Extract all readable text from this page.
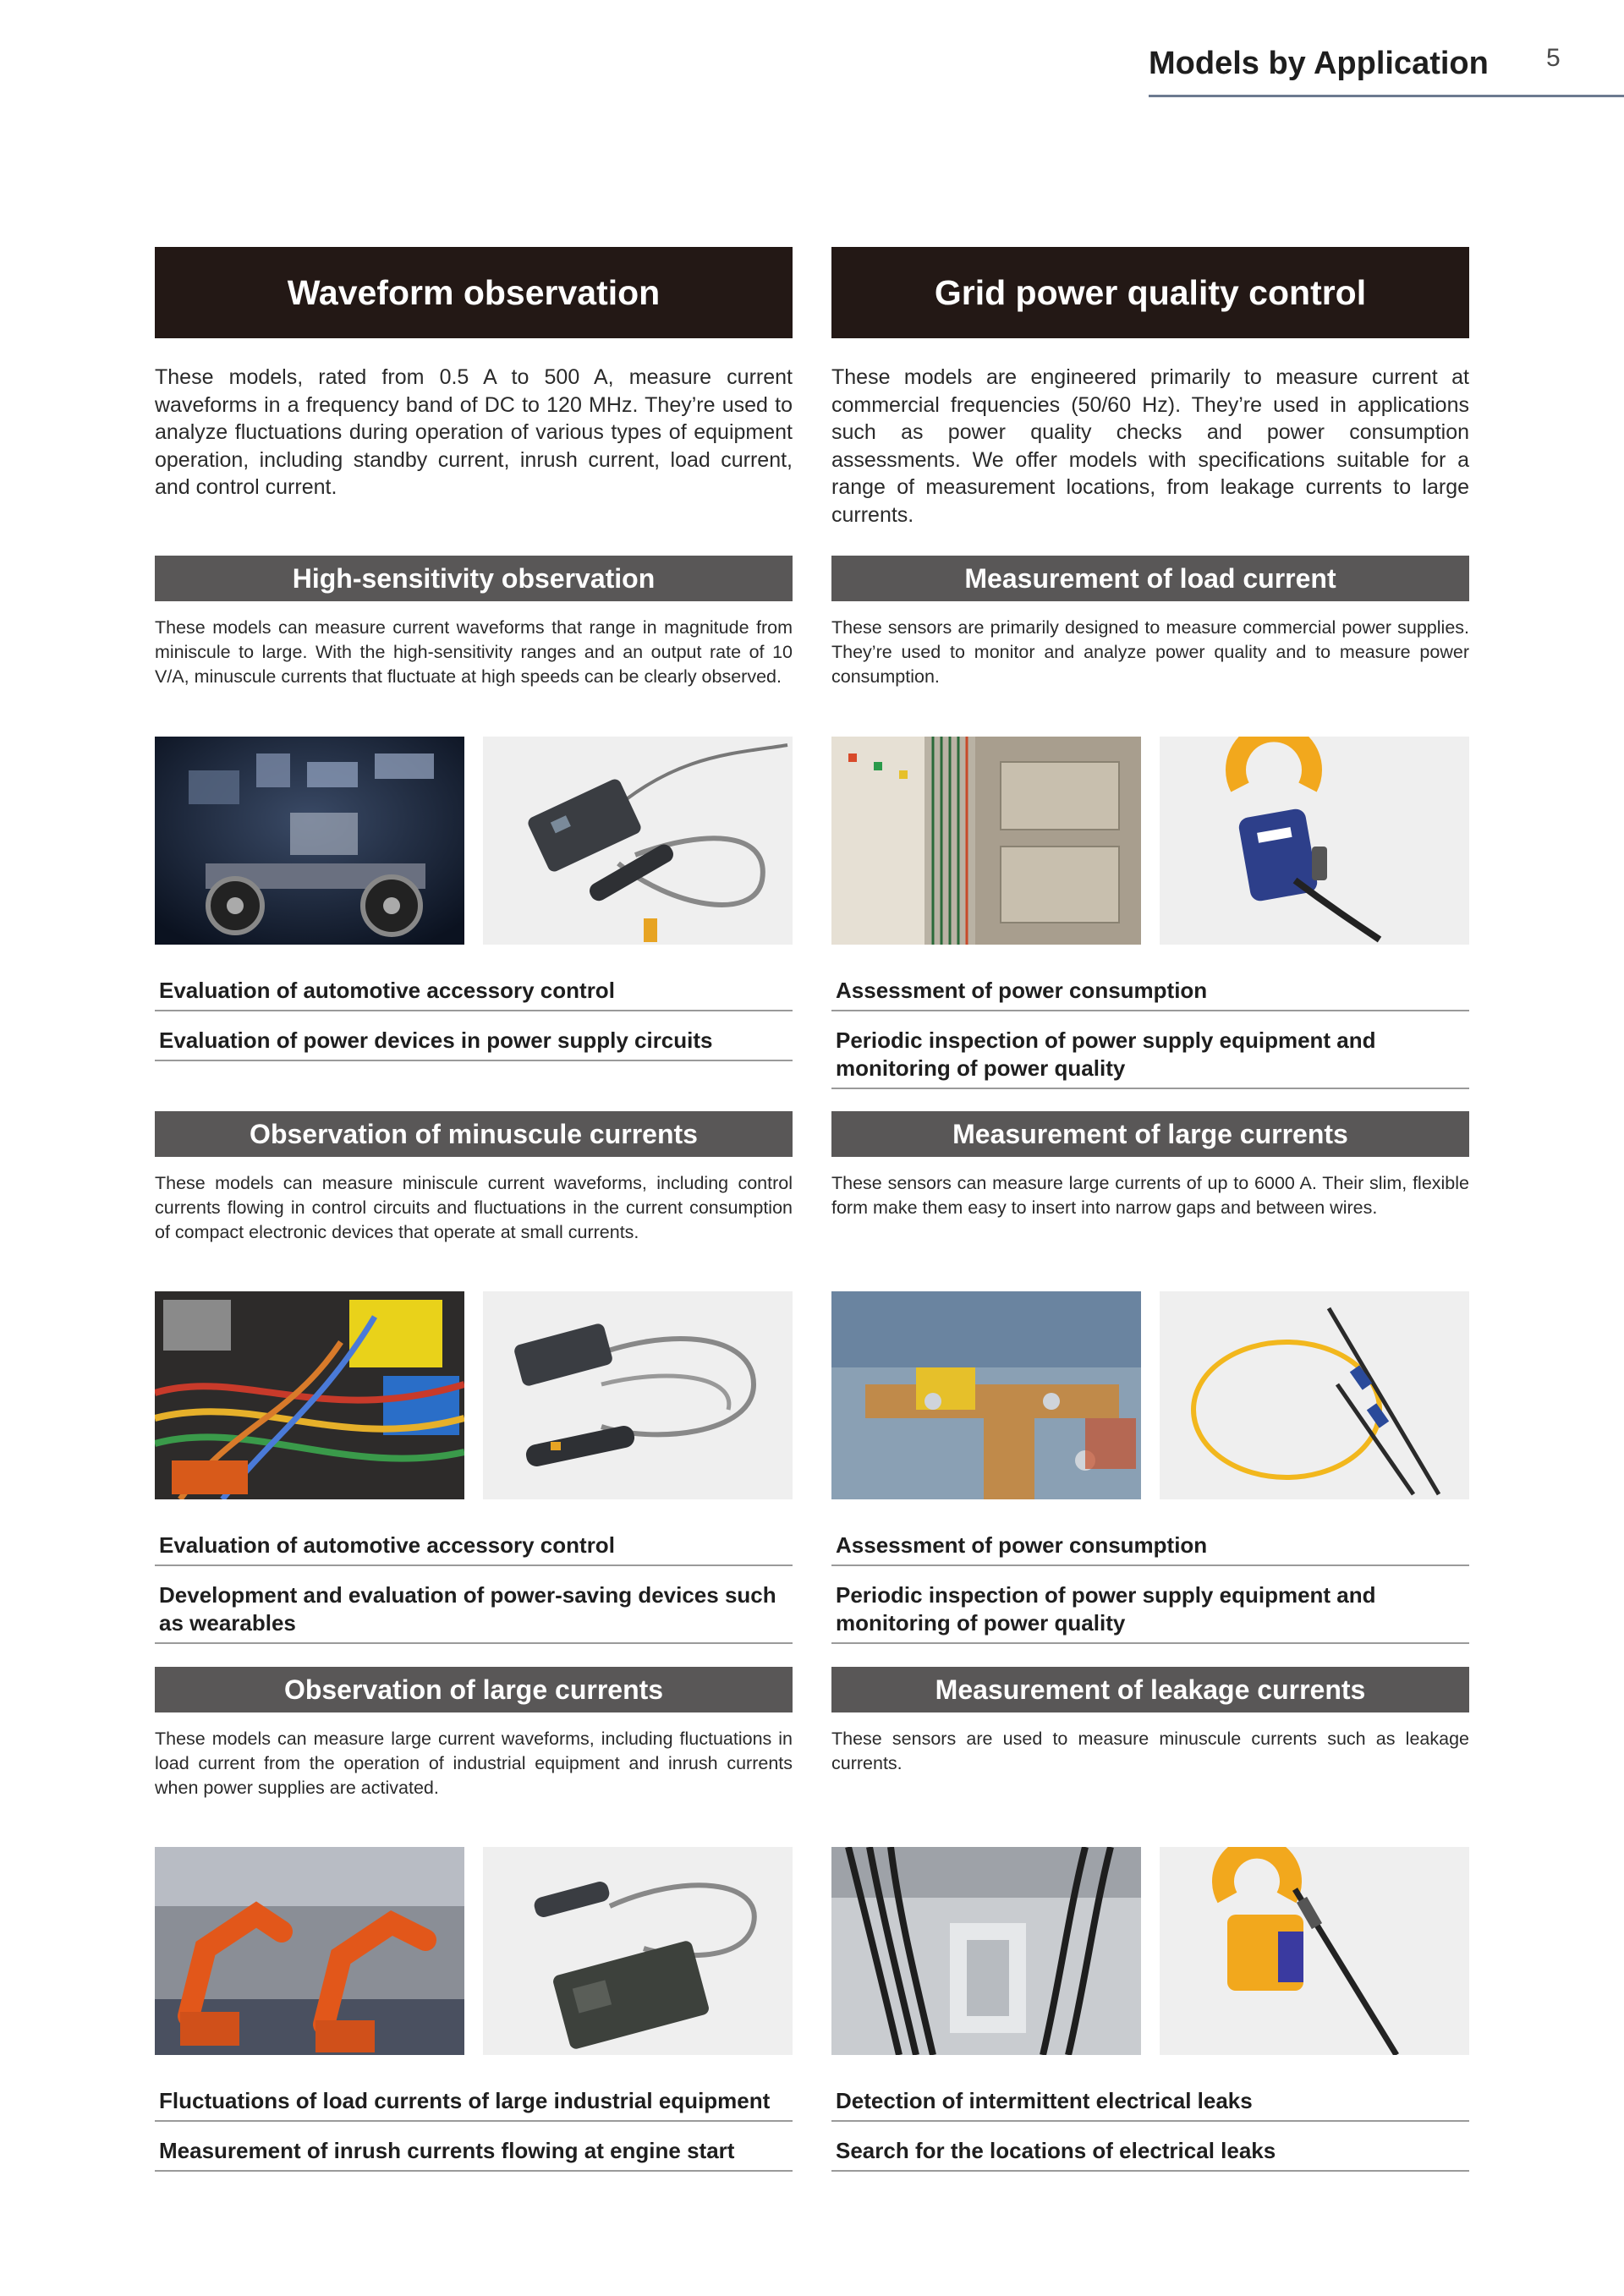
Models by Application 5
Waveform observation
These models, rated from 0.5 A to 500 A, measure current waveforms in a frequency band of DC to 120 MHz. They’re used to analyze fluctuations during operation of various types of equipment operation, including standby current, inrush current, load current, and control current.
High-sensitivity observation
These models can measure current waveforms that range in magnitude from miniscule to large. With the high-sensitivity ranges and an output rate of 10 V/A, minuscule currents that fluctuate at high speeds can be clearly observed.
Evaluation of automotive accessory control
Evaluation of power devices in power supply circuits
Observation of minuscule currents
These models can measure miniscule current waveforms, including control currents flowing in control circuits and fluctuations in the current consumption of compact electronic devices that operate at small currents.
Evaluation of automotive accessory control
Development and evaluation of power-saving devices such as wearables
Observation of large currents
These models can measure large current waveforms, including fluctuations in load current from the operation of industrial equipment and inrush currents when power supplies are activated.
Fluctuations of load currents of large industrial equipment
Measurement of inrush currents flowing at engine start
Grid power quality control
These models are engineered primarily to measure current at commercial frequencies (50/60 Hz). They’re used in applications such as power quality checks and power consumption assessments. We offer models with specifications suitable for a range of measurement locations, from leakage currents to large currents.
Measurement of load current
These sensors are primarily designed to measure commercial power supplies. They’re used to monitor and analyze power quality and to measure power consumption.
Assessment of power consumption
Periodic inspection of power supply equipment and monitoring of power quality
Measurement of large currents
These sensors can measure large currents of up to 6000 A. Their slim, flexible form make them easy to insert into narrow gaps and between wires.
Assessment of power consumption
Periodic inspection of power supply equipment and monitoring of power quality
Measurement of leakage currents
These sensors are used to measure minuscule currents such as leakage currents.
Detection of intermittent electrical leaks
Search for the locations of electrical leaks
